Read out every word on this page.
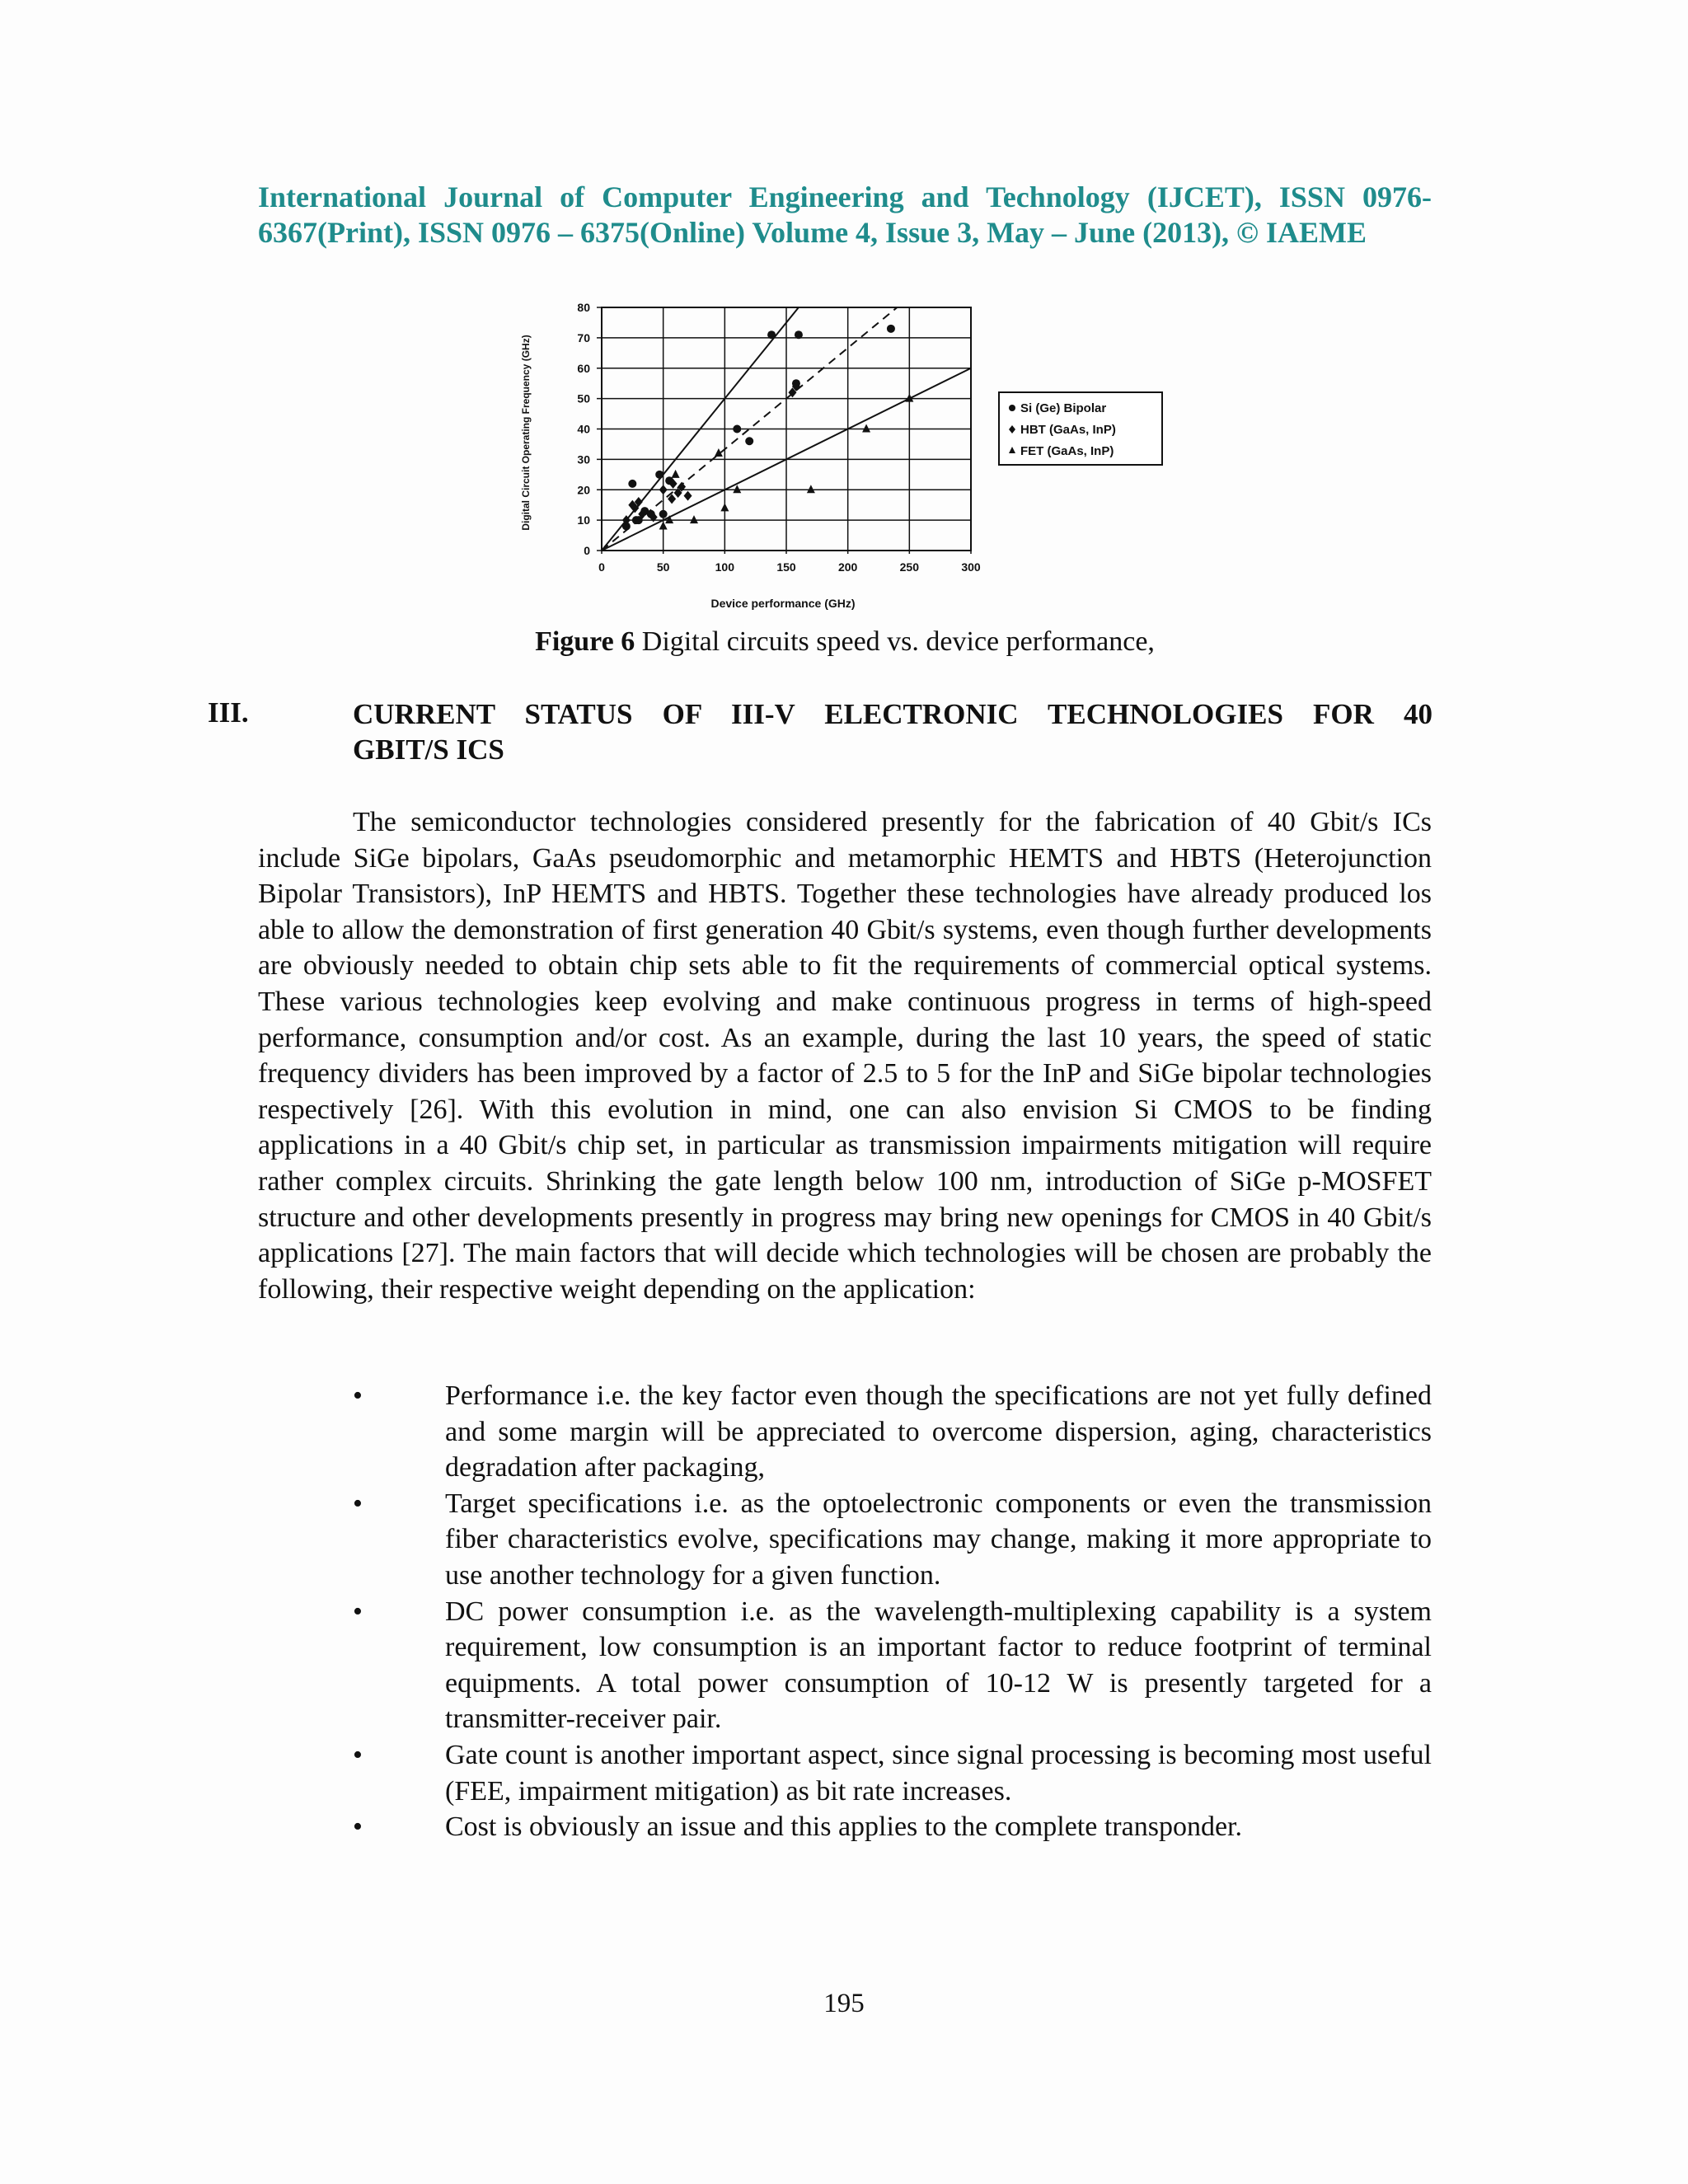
International Journal of Computer Engineering and Technology (IJCET), ISSN 0976-
6367(Print), ISSN 0976 – 6375(Online) Volume 4, Issue 3, May – June (2013), © IAEME
0	50	100	150	200	250	300
0
10
20
30
40
50
60
70
80
Device performance (GHz)
Digital Circuit Operating Frequency (GHz)	Si (Ge) Bipolar
HBT (GaAs, InP)
FET (GaAs, InP)
Figure 6 Digital circuits speed vs. device performance,
III.	CURRENT STATUS OF III-V ELECTRONIC TECHNOLOGIES FOR 40
GBIT/S ICS

The semiconductor technologies considered presently for the fabrication of 40 Gbit/s ICs include SiGe bipolars, GaAs pseudomorphic and metamorphic HEMTS and HBTS (Heterojunction Bipolar Transistors), InP HEMTS and HBTS. Together these technologies have already produced los able to allow the demonstration of first generation 40 Gbit/s systems, even though further developments are obviously needed to obtain chip sets able to fit the requirements of commercial optical systems. These various technologies keep evolving and make continuous progress in terms of high-speed performance, consumption and/or cost. As an example, during the last 10 years, the speed of static frequency dividers has been improved by a factor of 2.5 to 5 for the InP and SiGe bipolar technologies respectively [26]. With this evolution in mind, one can also envision Si CMOS to be finding applications in a 40 Gbit/s chip set, in particular as transmission impairments mitigation will require rather complex circuits. Shrinking the gate length below 100 nm, introduction of SiGe p-MOSFET structure and other developments presently in progress may bring new openings for CMOS in 40 Gbit/s applications [27]. The main factors that will decide which technologies will be chosen are probably the following, their respective weight depending on the application:

•	Performance i.e. the key factor even though the specifications are not yet fully defined and some margin will be appreciated to overcome dispersion, aging, characteristics degradation after packaging,
•	Target specifications i.e. as the optoelectronic components or even the transmission fiber characteristics evolve, specifications may change, making it more appropriate to use another technology for a given function.
•	DC power consumption i.e. as the wavelength-multiplexing capability is a system requirement, low consumption is an important factor to reduce footprint of terminal equipments. A total power consumption of 10-12 W is presently targeted for a transmitter-receiver pair.
•	Gate count is another important aspect, since signal processing is becoming most useful (FEE, impairment mitigation) as bit rate increases.
•	Cost is obviously an issue and this applies to the complete transponder.
195
